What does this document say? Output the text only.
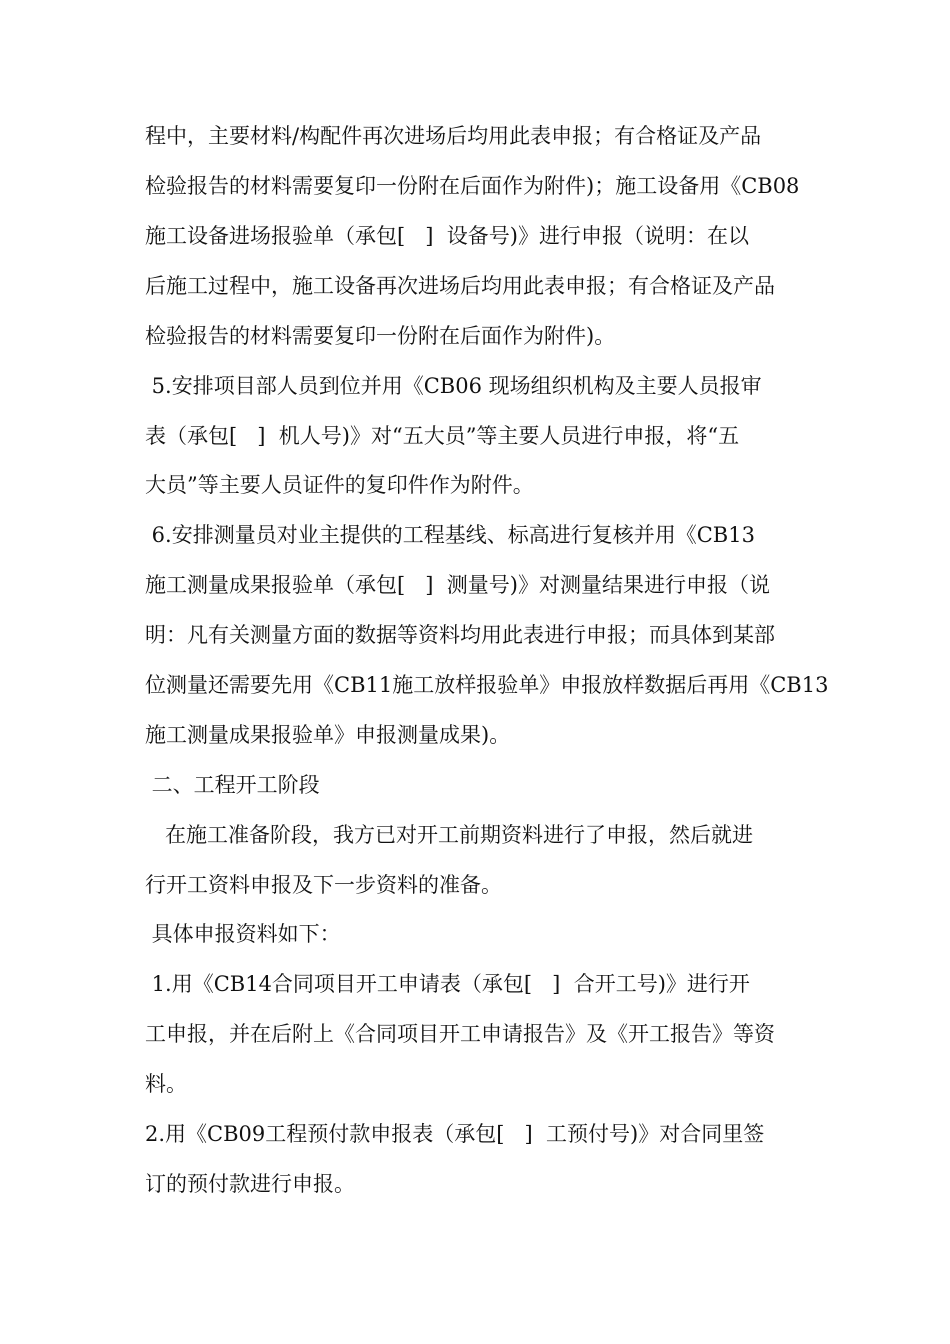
程中，主要材料/构配件再次进场后均用此表申报；有合格证及产品
检验报告的材料需要复印一份附在后面作为附件)；施工设备用《CB08
施工设备进场报验单（承包[   ]  设备号)》进行申报（说明：在以
后施工过程中，施工设备再次进场后均用此表申报；有合格证及产品
检验报告的材料需要复印一份附在后面作为附件)。
5.安排项目部人员到位并用《CB06 现场组织机构及主要人员报审
表（承包[   ]  机人号)》对“五大员”等主要人员进行申报，将“五
大员”等主要人员证件的复印件作为附件。
6.安排测量员对业主提供的工程基线、标高进行复核并用《CB13
施工测量成果报验单（承包[   ]  测量号)》对测量结果进行申报（说
明：凡有关测量方面的数据等资料均用此表进行申报；而具体到某部
位测量还需要先用《CB11施工放样报验单》申报放样数据后再用《CB13
施工测量成果报验单》申报测量成果)。
二、工程开工阶段
在施工准备阶段，我方已对开工前期资料进行了申报，然后就进
行开工资料申报及下一步资料的准备。
具体申报资料如下：
1.用《CB14合同项目开工申请表（承包[   ]  合开工号)》进行开
工申报，并在后附上《合同项目开工申请报告》及《开工报告》等资
料。
2.用《CB09工程预付款申报表（承包[   ]  工预付号)》对合同里签
订的预付款进行申报。
